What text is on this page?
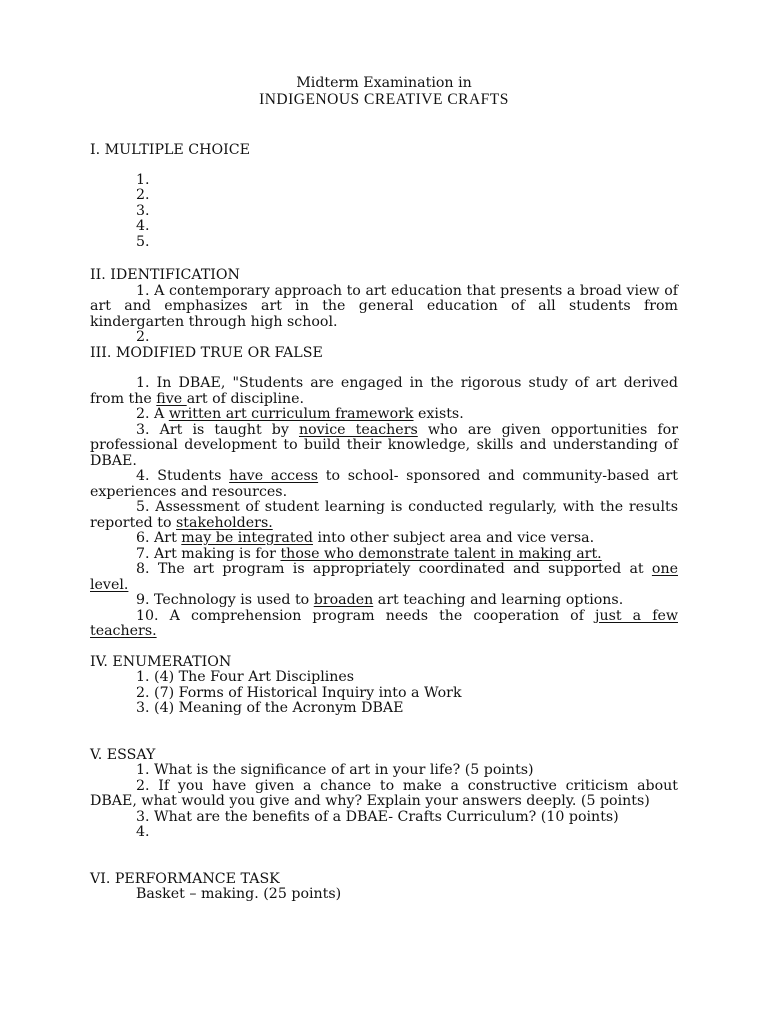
Midterm Examination in
INDIGENOUS CREATIVE CRAFTS
I. MULTIPLE CHOICE
1.
2.
3.
4.
5.
II. IDENTIFICATION
1. A contemporary approach to art education that presents a broad view of art and emphasizes art in the general education of all students from kindergarten through high school.
2.
III. MODIFIED TRUE OR FALSE
1. In DBAE, "Students are engaged in the rigorous study of art derived from the five art of discipline.
2. A written art curriculum framework exists.
3. Art is taught by novice teachers who are given opportunities for professional development to build their knowledge, skills and understanding of DBAE.
4. Students have access to school- sponsored and community-based art experiences and resources.
5. Assessment of student learning is conducted regularly, with the results reported to stakeholders.
6. Art may be integrated into other subject area and vice versa.
7. Art making is for those who demonstrate talent in making art.
8. The art program is appropriately coordinated and supported at one level.
9. Technology is used to broaden art teaching and learning options.
10. A comprehension program needs the cooperation of just a few teachers.
IV. ENUMERATION
1. (4) The Four Art Disciplines
2. (7) Forms of Historical Inquiry into a Work
3. (4) Meaning of the Acronym DBAE
V. ESSAY
1. What is the significance of art in your life? (5 points)
2. If you have given a chance to make a constructive criticism about DBAE, what would you give and why? Explain your answers deeply. (5 points)
3. What are the benefits of a DBAE- Crafts Curriculum? (10 points)
4.
VI. PERFORMANCE TASK
Basket – making. (25 points)
